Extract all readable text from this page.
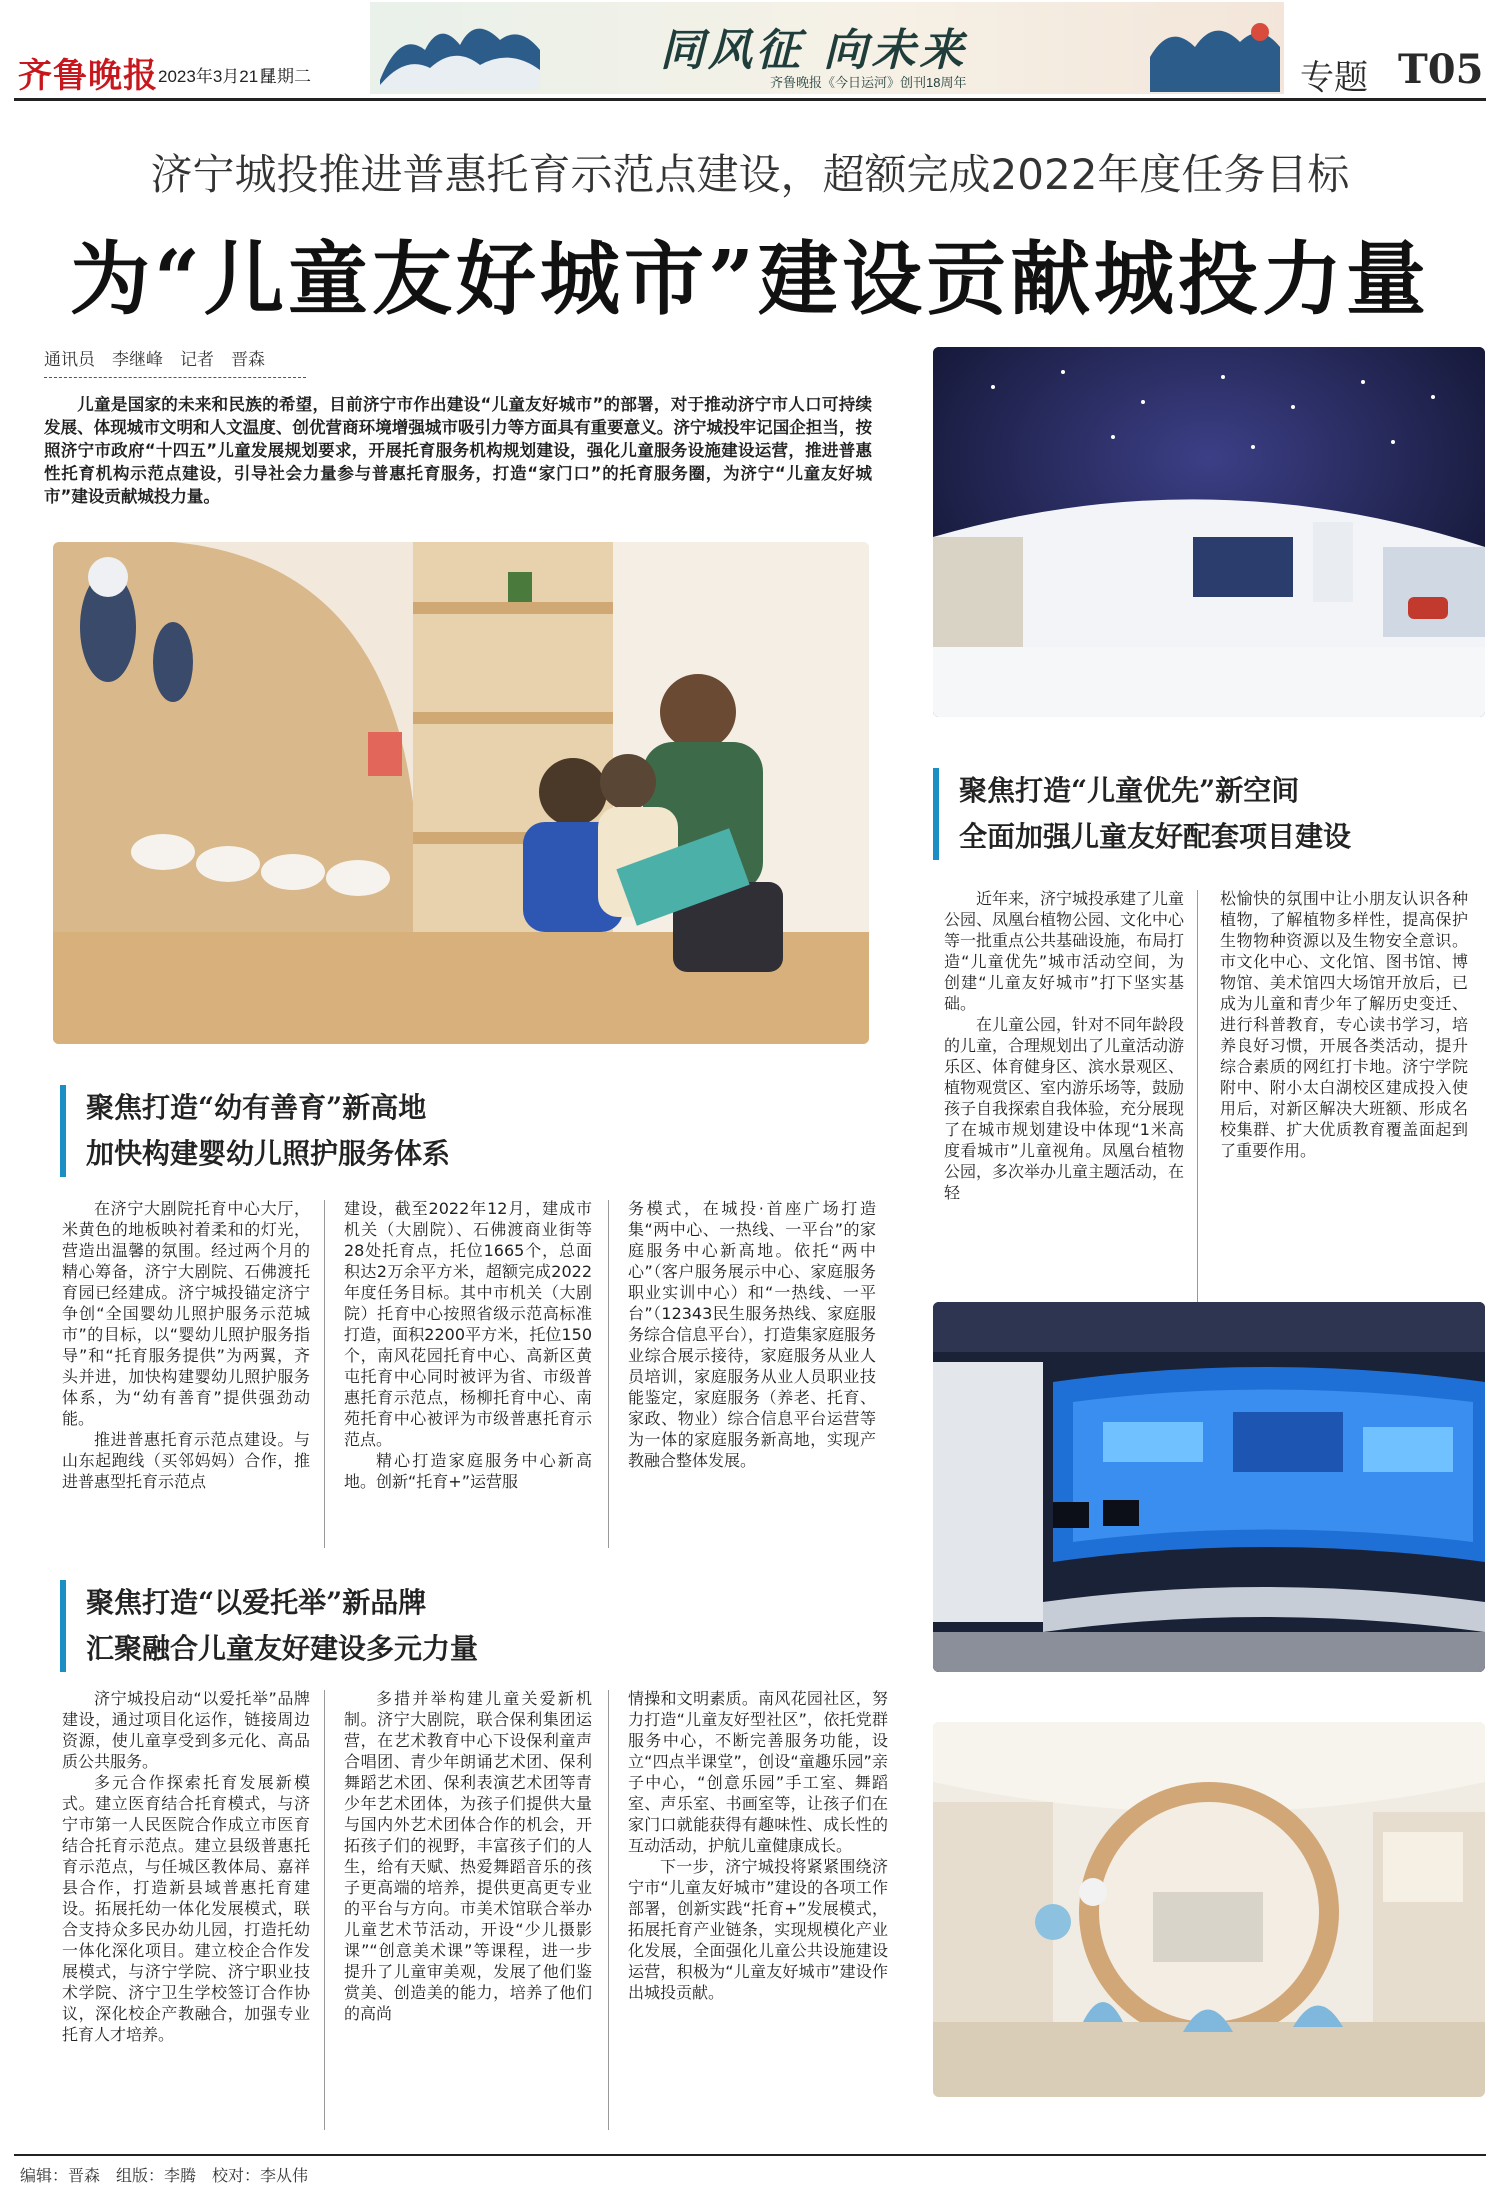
齐鲁晚报 2023年3月21日
星期二
同风征 向未来
齐鲁晚报《今日运河》创刊18周年	专题 T05
济宁城投推进普惠托育示范点建设，超额完成2022年度任务目标
为“儿童友好城市”建设贡献城投力量
通讯员　李继峰　记者　晋森
儿童是国家的未来和民族的希望，目前济宁市作出建设“儿童友好城市”的部署，对于推动济宁市人口可持续发展、体现城市文明和人文温度、创优营商环境增强城市吸引力等方面具有重要意义。济宁城投牢记国企担当，按照济宁市政府“十四五”儿童发展规划要求，开展托育服务机构规划建设，强化儿童服务设施建设运营，推进普惠性托育机构示范点建设，引导社会力量参与普惠托育服务，打造“家门口”的托育服务圈，为济宁“儿童友好城市”建设贡献城投力量。
聚焦打造“儿童优先”新空间
全面加强儿童友好配套项目建设

近年来，济宁城投承建了儿童公园、凤凰台植物公园、文化中心等一批重点公共基础设施，布局打造“儿童优先”城市活动空间，为创建“儿童友好城市”打下坚实基础。

在儿童公园，针对不同年龄段的儿童，合理规划出了儿童活动游乐区、体育健身区、滨水景观区、植物观赏区、室内游乐场等，鼓励孩子自我探索自我体验，充分展现了在城市规划建设中体现“1米高度看城市”儿童视角。凤凰台植物公园，多次举办儿童主题活动，在轻

松愉快的氛围中让小朋友认识各种植物，了解植物多样性，提高保护生物物种资源以及生物安全意识。市文化中心、文化馆、图书馆、博物馆、美术馆四大场馆开放后，已成为儿童和青少年了解历史变迁、进行科普教育，专心读书学习，培养良好习惯，开展各类活动，提升综合素质的网红打卡地。济宁学院附中、附小太白湖校区建成投入使用后，对新区解决大班额、形成名校集群、扩大优质教育覆盖面起到了重要作用。

聚焦打造“幼有善育”新高地
加快构建婴幼儿照护服务体系

在济宁大剧院托育中心大厅，米黄色的地板映衬着柔和的灯光，营造出温馨的氛围。经过两个月的精心筹备，济宁大剧院、石佛渡托育园已经建成。济宁城投锚定济宁争创“全国婴幼儿照护服务示范城市”的目标，以“婴幼儿照护服务指导”和“托育服务提供”为两翼，齐头并进，加快构建婴幼儿照护服务体系，为“幼有善育”提供强劲动能。

推进普惠托育示范点建设。与山东起跑线（买邻妈妈）合作，推进普惠型托育示范点

建设，截至2022年12月，建成市机关（大剧院）、石佛渡商业街等28处托育点，托位1665个，总面积达2万余平方米，超额完成2022年度任务目标。其中市机关（大剧院）托育中心按照省级示范高标准打造，面积2200平方米，托位150个，南风花园托育中心、高新区黄屯托育中心同时被评为省、市级普惠托育示范点，杨柳托育中心、南苑托育中心被评为市级普惠托育示范点。

精心打造家庭服务中心新高地。创新“托育+”运营服

务模式，在城投·首座广场打造集“两中心、一热线、一平台”的家庭服务中心新高地。依托“两中心”（客户服务展示中心、家庭服务职业实训中心）和“一热线、一平台”（12343民生服务热线、家庭服务综合信息平台），打造集家庭服务业综合展示接待，家庭服务从业人员培训，家庭服务从业人员职业技能鉴定，家庭服务（养老、托育、家政、物业）综合信息平台运营等为一体的家庭服务新高地，实现产教融合整体发展。

聚焦打造“以爱托举”新品牌
汇聚融合儿童友好建设多元力量

济宁城投启动“以爱托举”品牌建设，通过项目化运作，链接周边资源，使儿童享受到多元化、高品质公共服务。

多元合作探索托育发展新模式。建立医育结合托育模式，与济宁市第一人民医院合作成立市医育结合托育示范点。建立县级普惠托育示范点，与任城区教体局、嘉祥县合作，打造新县域普惠托育建设。拓展托幼一体化发展模式，联合支持众多民办幼儿园，打造托幼一体化深化项目。建立校企合作发展模式，与济宁学院、济宁职业技术学院、济宁卫生学校签订合作协议，深化校企产教融合，加强专业托育人才培养。

多措并举构建儿童关爱新机制。济宁大剧院，联合保利集团运营，在艺术教育中心下设保利童声合唱团、青少年朗诵艺术团、保利舞蹈艺术团、保利表演艺术团等青少年艺术团体，为孩子们提供大量与国内外艺术团体合作的机会，开拓孩子们的视野，丰富孩子们的人生，给有天赋、热爱舞蹈音乐的孩子更高端的培养，提供更高更专业的平台与方向。市美术馆联合举办儿童艺术节活动，开设“少儿摄影课”“创意美术课”等课程，进一步提升了儿童审美观，发展了他们鉴赏美、创造美的能力，培养了他们的高尚

情操和文明素质。南风花园社区，努力打造“儿童友好型社区”，依托党群服务中心，不断完善服务功能，设立“四点半课堂”，创设“童趣乐园”亲子中心，“创意乐园”手工室、舞蹈室、声乐室、书画室等，让孩子们在家门口就能获得有趣味性、成长性的互动活动，护航儿童健康成长。

下一步，济宁城投将紧紧围绕济宁市“儿童友好城市”建设的各项工作部署，创新实践“托育+”发展模式，拓展托育产业链条，实现规模化产业化发展，全面强化儿童公共设施建设运营，积极为“儿童友好城市”建设作出城投贡献。

编辑：晋森　组版：李腾　校对：李从伟
